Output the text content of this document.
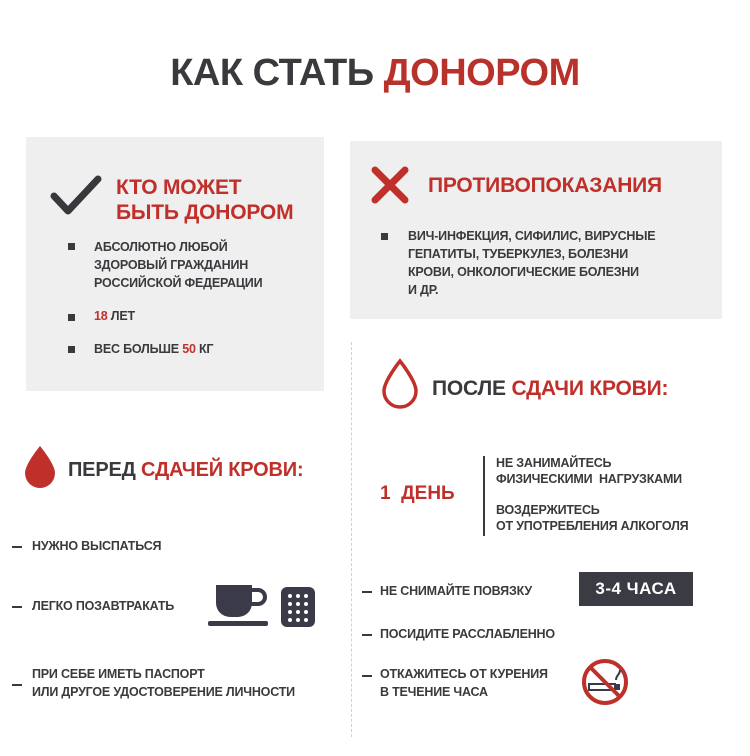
КАК СТАТЬ ДОНОРОМ
КТО МОЖЕТ
БЫТЬ ДОНОРОМ
АБСОЛЮТНО ЛЮБОЙ
ЗДОРОВЫЙ ГРАЖДАНИН
РОССИЙСКОЙ ФЕДЕРАЦИИ
18 ЛЕТ
ВЕС БОЛЬШЕ 50 КГ
ПРОТИВОПОКАЗАНИЯ
ВИЧ-ИНФЕКЦИЯ, СИФИЛИС, ВИРУСНЫЕ
ГЕПАТИТЫ, ТУБЕРКУЛЕЗ, БОЛЕЗНИ
КРОВИ, ОНКОЛОГИЧЕСКИЕ БОЛЕЗНИ
И ДР.
ПЕРЕД СДАЧЕЙ КРОВИ:
НУЖНО ВЫСПАТЬСЯ
ЛЕГКО ПОЗАВТРАКАТЬ
ПРИ СЕБЕ ИМЕТЬ ПАСПОРТ
ИЛИ ДРУГОЕ УДОСТОВЕРЕНИЕ ЛИЧНОСТИ
ПОСЛЕ СДАЧИ КРОВИ:
1  ДЕНЬ
НЕ ЗАНИМАЙТЕСЬ
ФИЗИЧЕСКИМИ  НАГРУЗКАМИ
ВОЗДЕРЖИТЕСЬ
ОТ УПОТРЕБЛЕНИЯ АЛКОГОЛЯ
НЕ СНИМАЙТЕ ПОВЯЗКУ	3-4 ЧАСА
ПОСИДИТЕ РАССЛАБЛЕННО
ОТКАЖИТЕСЬ ОТ КУРЕНИЯ
В ТЕЧЕНИЕ ЧАСА
